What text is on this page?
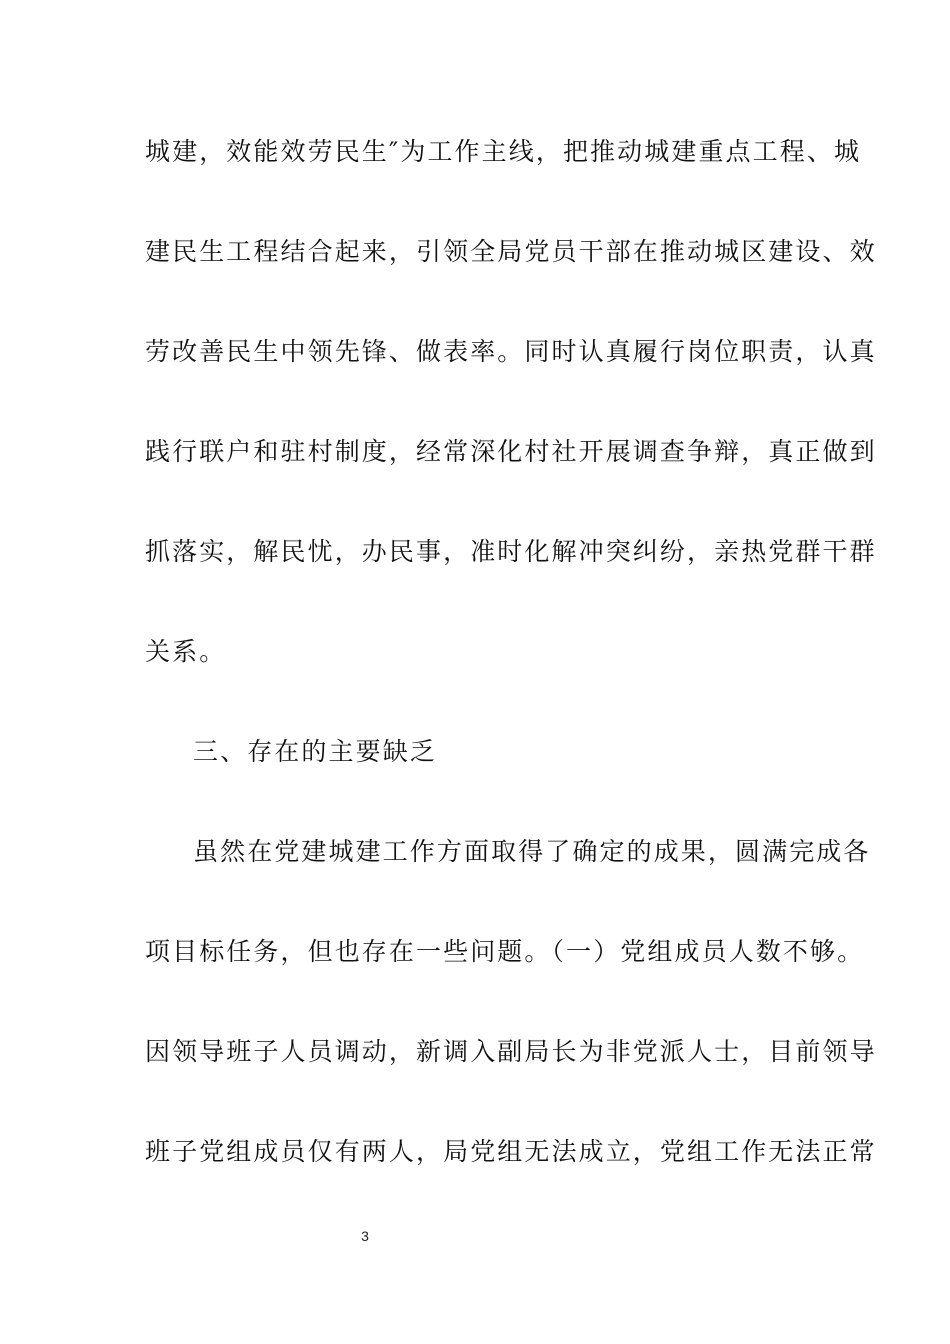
城建，效能效劳民生″为工作主线，把推动城建重点工程、城
建民生工程结合起来，引领全局党员干部在推动城区建设、效
劳改善民生中领先锋、做表率。同时认真履行岗位职责，认真
践行联户和驻村制度，经常深化村社开展调查争辩，真正做到
抓落实，解民忧，办民事，准时化解冲突纠纷，亲热党群干群
关系。
三、存在的主要缺乏
虽然在党建城建工作方面取得了确定的成果，圆满完成各
项目标任务，但也存在一些问题。（一）党组成员人数不够。
因领导班子人员调动，新调入副局长为非党派人士，目前领导
班子党组成员仅有两人，局党组无法成立，党组工作无法正常
3
